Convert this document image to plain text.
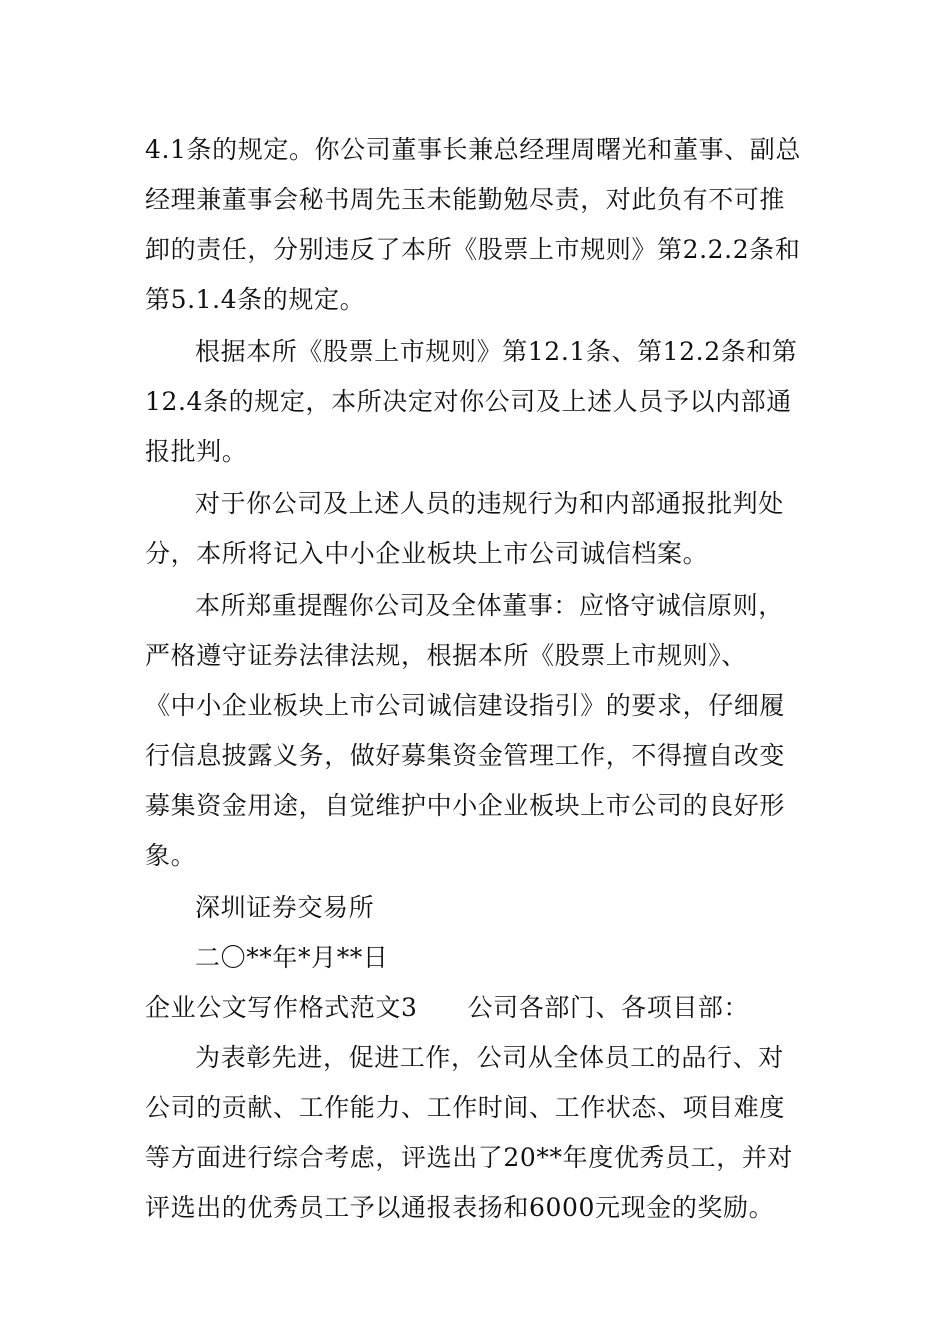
4.1条的规定。你公司董事长兼总经理周曙光和董事、副总

经理兼董事会秘书周先玉未能勤勉尽责，对此负有不可推

卸的责任，分别违反了本所《股票上市规则》第2.2.2条和

第5.1.4条的规定。

根据本所《股票上市规则》第12.1条、第12.2条和第

12.4条的规定，本所决定对你公司及上述人员予以内部通

报批判。

对于你公司及上述人员的违规行为和内部通报批判处

分，本所将记入中小企业板块上市公司诚信档案。

本所郑重提醒你公司及全体董事：应恪守诚信原则，

严格遵守证券法律法规，根据本所《股票上市规则》、

《中小企业板块上市公司诚信建设指引》的要求，仔细履

行信息披露义务，做好募集资金管理工作，不得擅自改变

募集资金用途，自觉维护中小企业板块上市公司的良好形

象。

深圳证券交易所

二〇**年*月**日

企业公文写作格式范文3 公司各部门、各项目部：

为表彰先进，促进工作，公司从全体员工的品行、对

公司的贡献、工作能力、工作时间、工作状态、项目难度

等方面进行综合考虑，评选出了20**年度优秀员工，并对

评选出的优秀员工予以通报表扬和6000元现金的奖励。
